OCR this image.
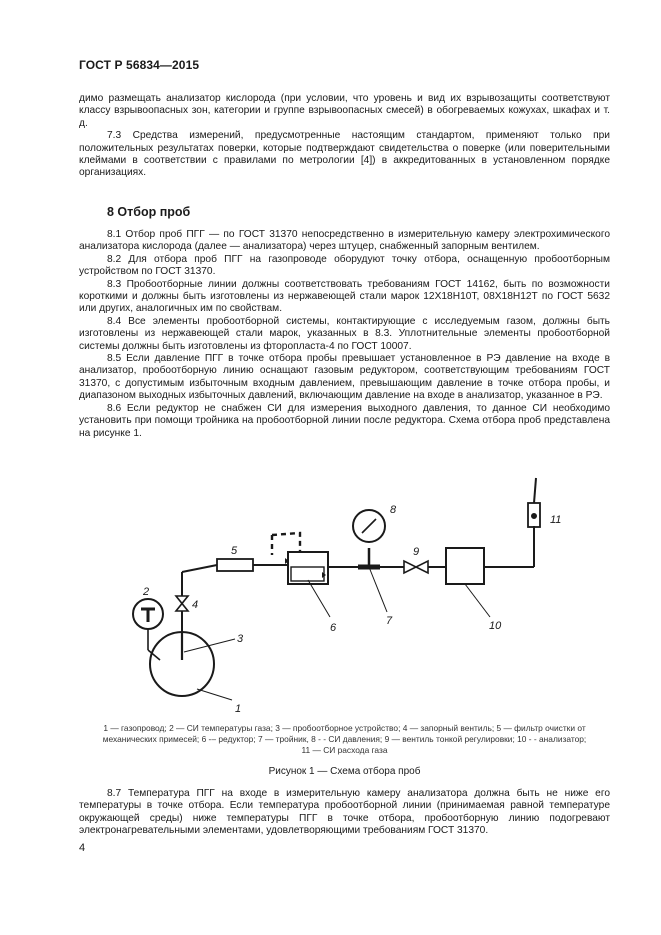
ГОСТ Р 56834—2015

димо размещать анализатор кислорода (при условии, что уровень и вид их взрывозащиты соответствуют классу взрывоопасных зон, категории и группе взрывоопасных смесей) в обогреваемых кожухах, шкафах и т. д.

7.3 Средства измерений, предусмотренные настоящим стандартом, применяют только при положительных результатах поверки, которые подтверждают свидетельства о поверке (или поверительными клеймами в соответствии с правилами по метрологии [4]) в аккредитованных в установленном порядке организациях.

8 Отбор проб

8.1 Отбор проб ПГГ — по ГОСТ 31370 непосредственно в измерительную камеру электрохимического анализатора кислорода (далее — анализатора) через штуцер, снабженный запорным вентилем.

8.2 Для отбора проб ПГГ на газопроводе оборудуют точку отбора, оснащенную пробоотборным устройством по ГОСТ 31370.

8.3 Пробоотборные линии должны соответствовать требованиям ГОСТ 14162, быть по возможности короткими и должны быть изготовлены из нержавеющей стали марок 12Х18Н10Т, 08Х18Н12Т по ГОСТ 5632 или других, аналогичных им по свойствам.

8.4 Все элементы пробоотборной системы, контактирующие с исследуемым газом, должны быть изготовлены из нержавеющей стали марок, указанных в 8.3. Уплотнительные элементы пробоотборной системы должны быть изготовлены из фторопласта-4 по ГОСТ 10007.

8.5 Если давление ПГГ в точке отбора пробы превышает установленное в РЭ давление на входе в анализатор, пробоотборную линию оснащают газовым редуктором, соответствующим требованиям ГОСТ 31370, с допустимым избыточным входным давлением, превышающим давление в точке отбора пробы, и диапазоном выходных избыточных давлений, включающим давление на входе в анализатор, указанное в РЭ.

8.6 Если редуктор не снабжен СИ для измерения выходного давления, то данное СИ необходимо установить при помощи тройника на пробоотборной линии после редуктора. Схема отбора проб представлена на рисунке 1.

1
2
3
4
5
6
7
8
9
10
11
1 — газопровод; 2 — СИ температуры газа; 3 — пробоотборное устройство; 4 — запорный вентиль; 5 — фильтр очистки от механических примесей; 6 -– редуктор; 7 — тройник, 8 - - СИ давления; 9 — вентиль тонкой регулировки; 10 - - анализатор;
11 — СИ расхода газа
Рисунок 1 — Схема отбора проб

8.7 Температура ПГГ на входе в измерительную камеру анализатора должна быть не ниже его температуры в точке отбора. Если температура пробоотборной линии (принимаемая равной температуре окружающей среды) ниже температуры ПГГ в точке отбора, пробоотборную линию подогревают электронагревательными элементами, удовлетворяющими требованиям ГОСТ 31370.

4
